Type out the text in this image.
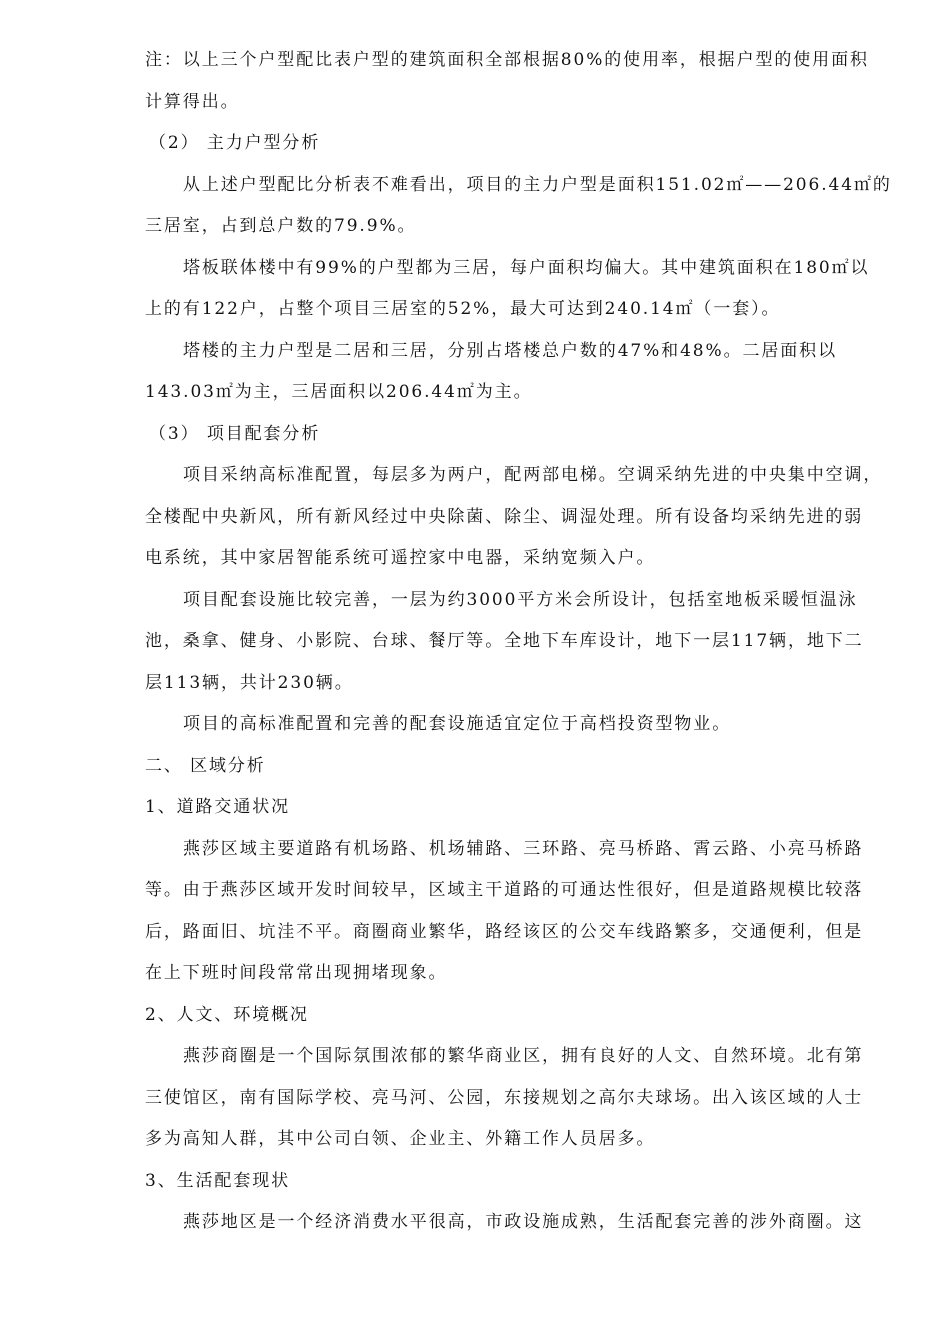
注：以上三个户型配比表户型的建筑面积全部根据80%的使用率，根据户型的使用面积

计算得出。

（2） 主力户型分析

从上述户型配比分析表不难看出，项目的主力户型是面积151.02㎡——206.44㎡的

三居室，占到总户数的79.9%。

塔板联体楼中有99%的户型都为三居，每户面积均偏大。其中建筑面积在180㎡以

上的有122户，占整个项目三居室的52%，最大可达到240.14㎡（一套）。

塔楼的主力户型是二居和三居，分别占塔楼总户数的47%和48%。二居面积以

143.03㎡为主，三居面积以206.44㎡为主。

（3） 项目配套分析

项目采纳高标准配置，每层多为两户，配两部电梯。空调采纳先进的中央集中空调，

全楼配中央新风，所有新风经过中央除菌、除尘、调湿处理。所有设备均采纳先进的弱

电系统，其中家居智能系统可遥控家中电器，采纳宽频入户。

项目配套设施比较完善，一层为约3000平方米会所设计，包括室地板采暖恒温泳

池，桑拿、健身、小影院、台球、餐厅等。全地下车库设计，地下一层117辆，地下二

层113辆，共计230辆。

项目的高标准配置和完善的配套设施适宜定位于高档投资型物业。

二、 区域分析

1、道路交通状况

燕莎区域主要道路有机场路、机场辅路、三环路、亮马桥路、霄云路、小亮马桥路

等。由于燕莎区域开发时间较早，区域主干道路的可通达性很好，但是道路规模比较落

后，路面旧、坑洼不平。商圈商业繁华，路经该区的公交车线路繁多，交通便利，但是

在上下班时间段常常出现拥堵现象。

2、人文、环境概况

燕莎商圈是一个国际氛围浓郁的繁华商业区，拥有良好的人文、自然环境。北有第

三使馆区，南有国际学校、亮马河、公园，东接规划之高尔夫球场。出入该区域的人士

多为高知人群，其中公司白领、企业主、外籍工作人员居多。

3、生活配套现状

燕莎地区是一个经济消费水平很高，市政设施成熟，生活配套完善的涉外商圈。这
